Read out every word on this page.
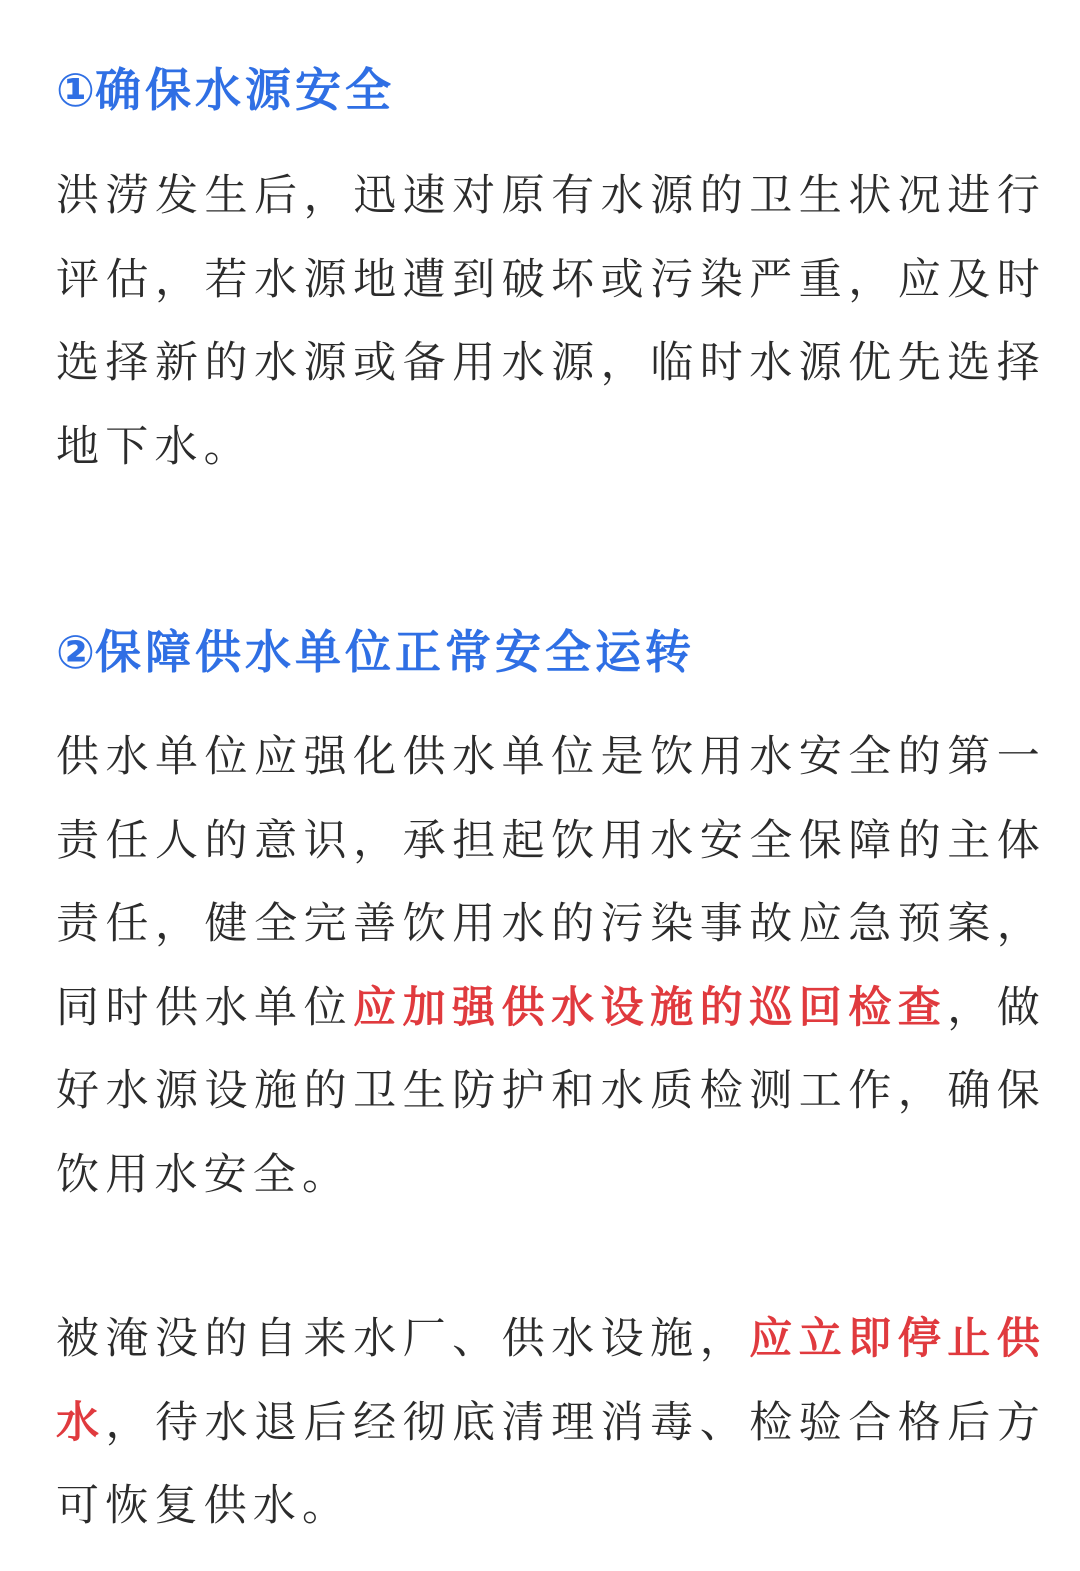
①确保水源安全

洪涝发生后，迅速对原有水源的卫生状况进行评估，若水源地遭到破坏或污染严重，应及时选择新的水源或备用水源，临时水源优先选择地下水。

②保障供水单位正常安全运转

供水单位应强化供水单位是饮用水安全的第一责任人的意识，承担起饮用水安全保障的主体责任，健全完善饮用水的污染事故应急预案，同时供水单位应加强供水设施的巡回检查，做好水源设施的卫生防护和水质检测工作，确保饮用水安全。

被淹没的自来水厂、供水设施，应立即停止供水，待水退后经彻底清理消毒、检验合格后方可恢复供水。
